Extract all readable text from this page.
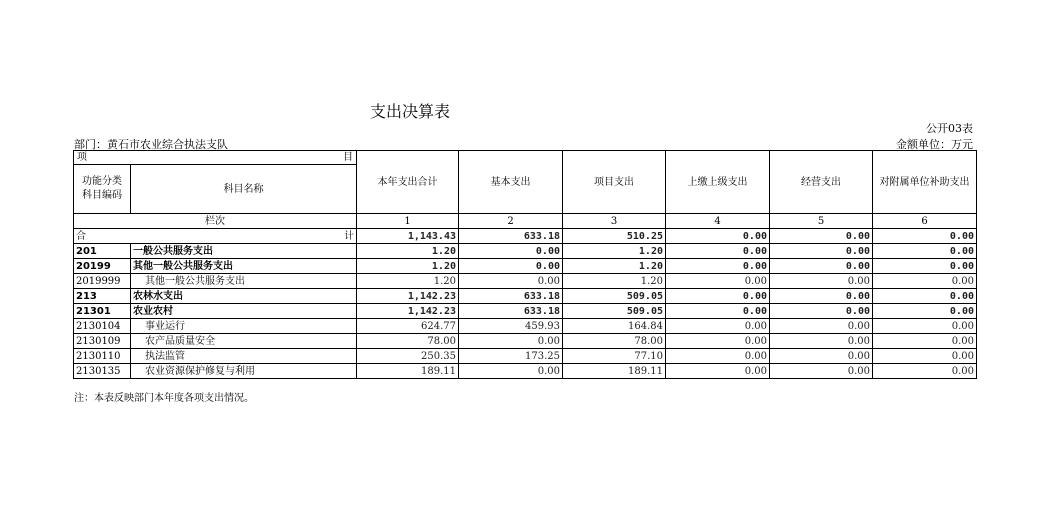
支出决算表
公开03表
部门：黄石市农业综合执法支队	金额单位：万元
项 目		本年支出合计	基本支出	项目支出	上缴上级支出	经营支出	对附属单位补助支出
功能分类
科目编码	科目名称						
栏次		1	2	3	4	5	6

合 计		1,143.43	633.18	510.25	0.00	0.00	0.00
201	一般公共服务支出	1.20	0.00	1.20	0.00	0.00	0.00
20199	其他一般公共服务支出	1.20	0.00	1.20	0.00	0.00	0.00
2019999	其他一般公共服务支出	1.20	0.00	1.20	0.00	0.00	0.00
213	农林水支出	1,142.23	633.18	509.05	0.00	0.00	0.00
21301	农业农村	1,142.23	633.18	509.05	0.00	0.00	0.00
2130104	事业运行	624.77	459.93	164.84	0.00	0.00	0.00
2130109	农产品质量安全	78.00	0.00	78.00	0.00	0.00	0.00
2130110	执法监管	250.35	173.25	77.10	0.00	0.00	0.00
2130135	农业资源保护修复与利用	189.11	0.00	189.11	0.00	0.00	0.00
注：本表反映部门本年度各项支出情况。
